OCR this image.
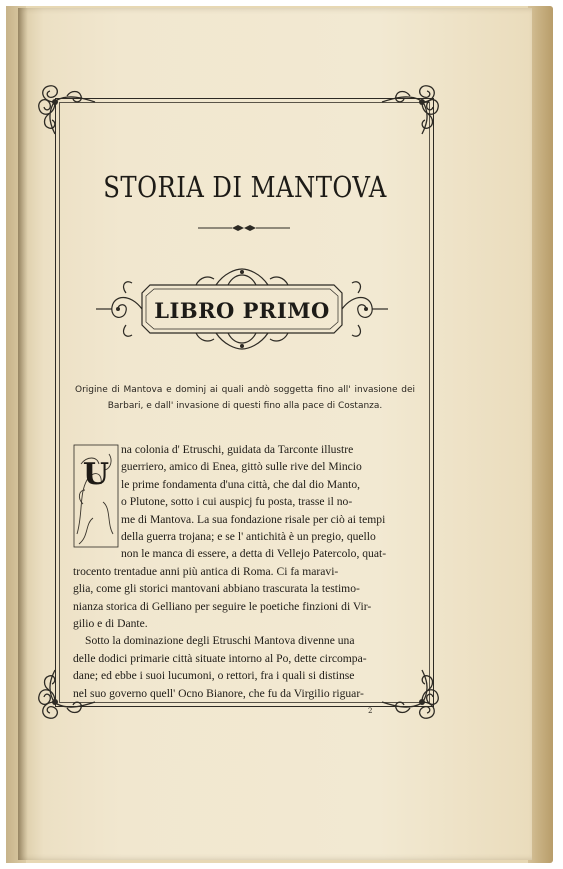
STORIA DI MANTOVA
LIBRO PRIMO
Origine di Mantova e dominj ai quali andò soggetta fino all' invasione dei Barbari, e dall' invasione di questi fino alla pace di Costanza.
U
na colonia d' Etruschi, guidata da Tarconte illustre
guerriero, amico di Enea, gittò sulle rive del Mincio
le prime fondamenta d'una città, che dal dio Manto,
o Plutone, sotto i cui auspicj fu posta, trasse il no-
me di Mantova. La sua fondazione risale per ciò ai tempi
della guerra trojana; e se l' antichità è un pregio, quello
non le manca di essere, a detta di Vellejo Patercolo, quat-
trocento trentadue anni più antica di Roma. Ci fa maravi-
glia, come gli storici mantovani abbiano trascurata la testimo-
nianza storica di Gelliano per seguire le poetiche finzioni di Vir-
gilio e di Dante.
Sotto la dominazione degli Etruschi Mantova divenne una
delle dodici primarie città situate intorno al Po, dette circompa-
dane; ed ebbe i suoi lucumoni, o rettori, fra i quali si distinse
nel suo governo quell' Ocno Bianore, che fu da Virgilio riguar-
2
